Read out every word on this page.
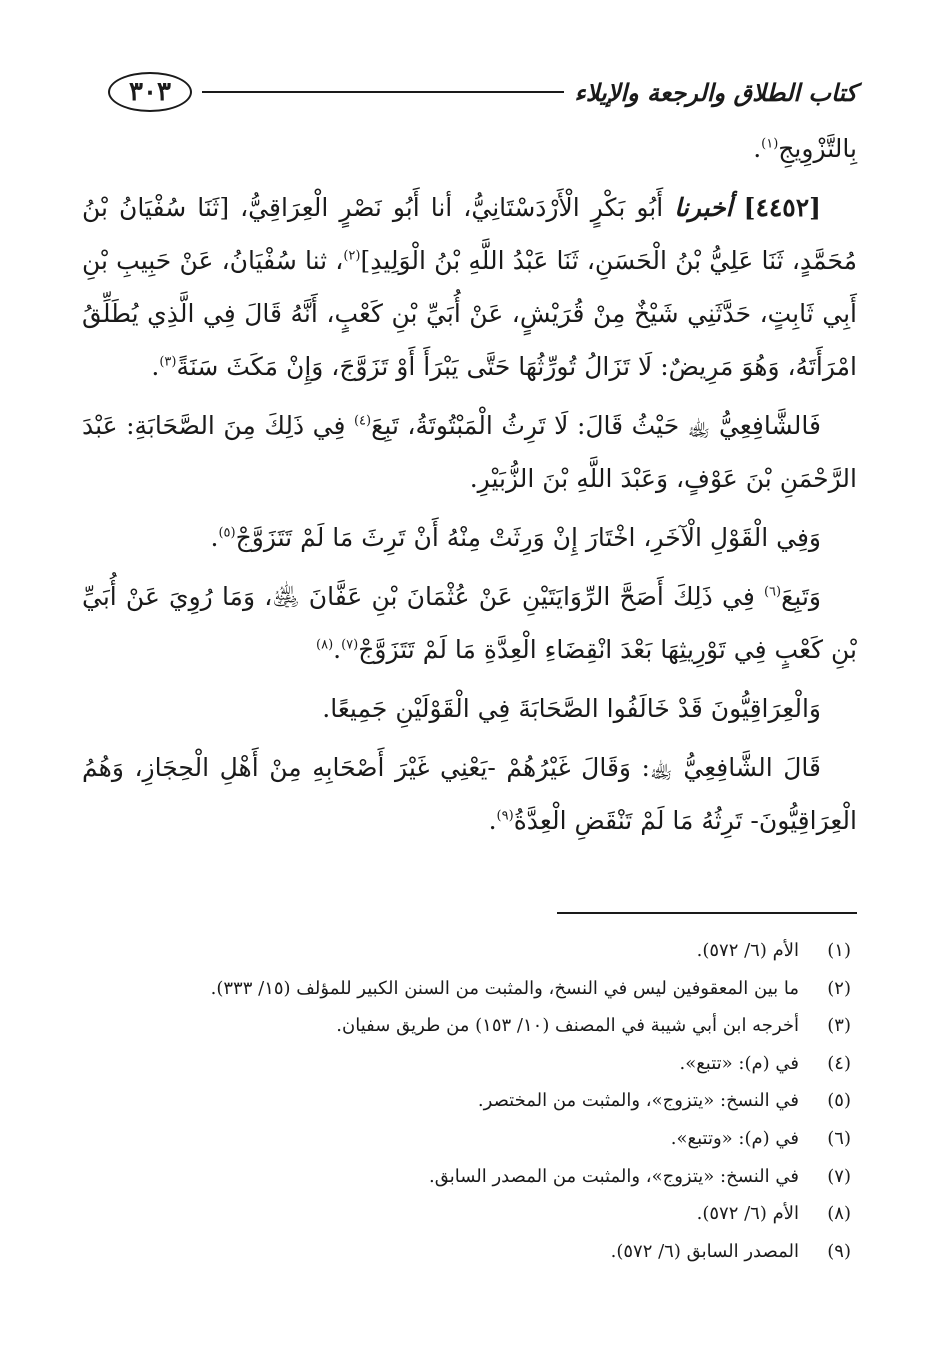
٣٠٣	كتاب الطلاق والرجعة والإيلاء

بِالتَّزْوِيجِ$^{(١)}$.

[٤٤٥٢] أخبرنا أَبُو بَكْرٍ الْأَرْدَسْتَانِيُّ، أنا أَبُو نَصْرٍ الْعِرَاقِيُّ، [ثَنَا سُفْيَانُ بْنُ مُحَمَّدٍ، ثَنَا عَلِيُّ بْنُ الْحَسَنِ، ثَنَا عَبْدُ اللَّهِ بْنُ الْوَلِيدِ]$^{(٢)}$، ثنا سُفْيَانُ، عَنْ حَبِيبِ بْنِ أَبِي ثَابِتٍ، حَدَّثَنِي شَيْخٌ مِنْ قُرَيْشٍ، عَنْ أُبَيِّ بْنِ كَعْبٍ، أَنَّهُ قَالَ فِي الَّذِي يُطَلِّقُ امْرَأَتَهُ، وَهُوَ مَرِيضٌ: لَا تَزَالُ تُورِّثُهَا حَتَّى يَبْرَأَ أَوْ تَزَوَّجَ، وَإِنْ مَكَثَ سَنَةً$^{(٣)}$.

فَالشَّافِعِيُّ ﵀ حَيْثُ قَالَ: لَا تَرِثُ الْمَبْتُوتَةُ، تَبِعَ$^{(٤)}$ فِي ذَلِكَ مِنَ الصَّحَابَةِ: عَبْدَ الرَّحْمَنِ بْنَ عَوْفٍ، وَعَبْدَ اللَّهِ بْنَ الزُّبَيْرِ.

وَفِي الْقَوْلِ الْآخَرِ، اخْتَارَ إِنْ وَرِثَتْ مِنْهُ أَنْ تَرِثَ مَا لَمْ تَتَزَوَّجْ$^{(٥)}$.

وَتَبِعَ$^{(٦)}$ فِي ذَلِكَ أَصَحَّ الرِّوَايَتَيْنِ عَنْ عُثْمَانَ بْنِ عَفَّانَ ﵁، وَمَا رُوِيَ عَنْ أُبَيِّ بْنِ كَعْبٍ فِي تَوْرِيثِهَا بَعْدَ انْقِضَاءِ الْعِدَّةِ مَا لَمْ تَتَزَوَّجْ$^{(٧)}$.$^{(٨)}$

وَالْعِرَاقِيُّونَ قَدْ خَالَفُوا الصَّحَابَةَ فِي الْقَوْلَيْنِ جَمِيعًا.

قَالَ الشَّافِعِيُّ ﵀: وَقَالَ غَيْرُهُمْ -يَعْنِي غَيْرَ أَصْحَابِهِ مِنْ أَهْلِ الْحِجَازِ، وَهُمُ الْعِرَاقِيُّونَ- تَرِثُهُ مَا لَمْ تَنْقَضِ الْعِدَّةُ$^{(٩)}$.

(١)
الأم (٦/ ٥٧٢).
(٢)
ما بين المعقوفين ليس في النسخ، والمثبت من السنن الكبير للمؤلف (١٥/ ٣٣٣).
(٣)
أخرجه ابن أبي شيبة في المصنف (١٠/ ١٥٣) من طريق سفيان.
(٤)
في (م): «تتبع».
(٥)
في النسخ: «يتزوج»، والمثبت من المختصر.
(٦)
في (م): «وتتبع».
(٧)
في النسخ: «يتزوج»، والمثبت من المصدر السابق.
(٨)
الأم (٦/ ٥٧٢).
(٩)
المصدر السابق (٦/ ٥٧٢).
